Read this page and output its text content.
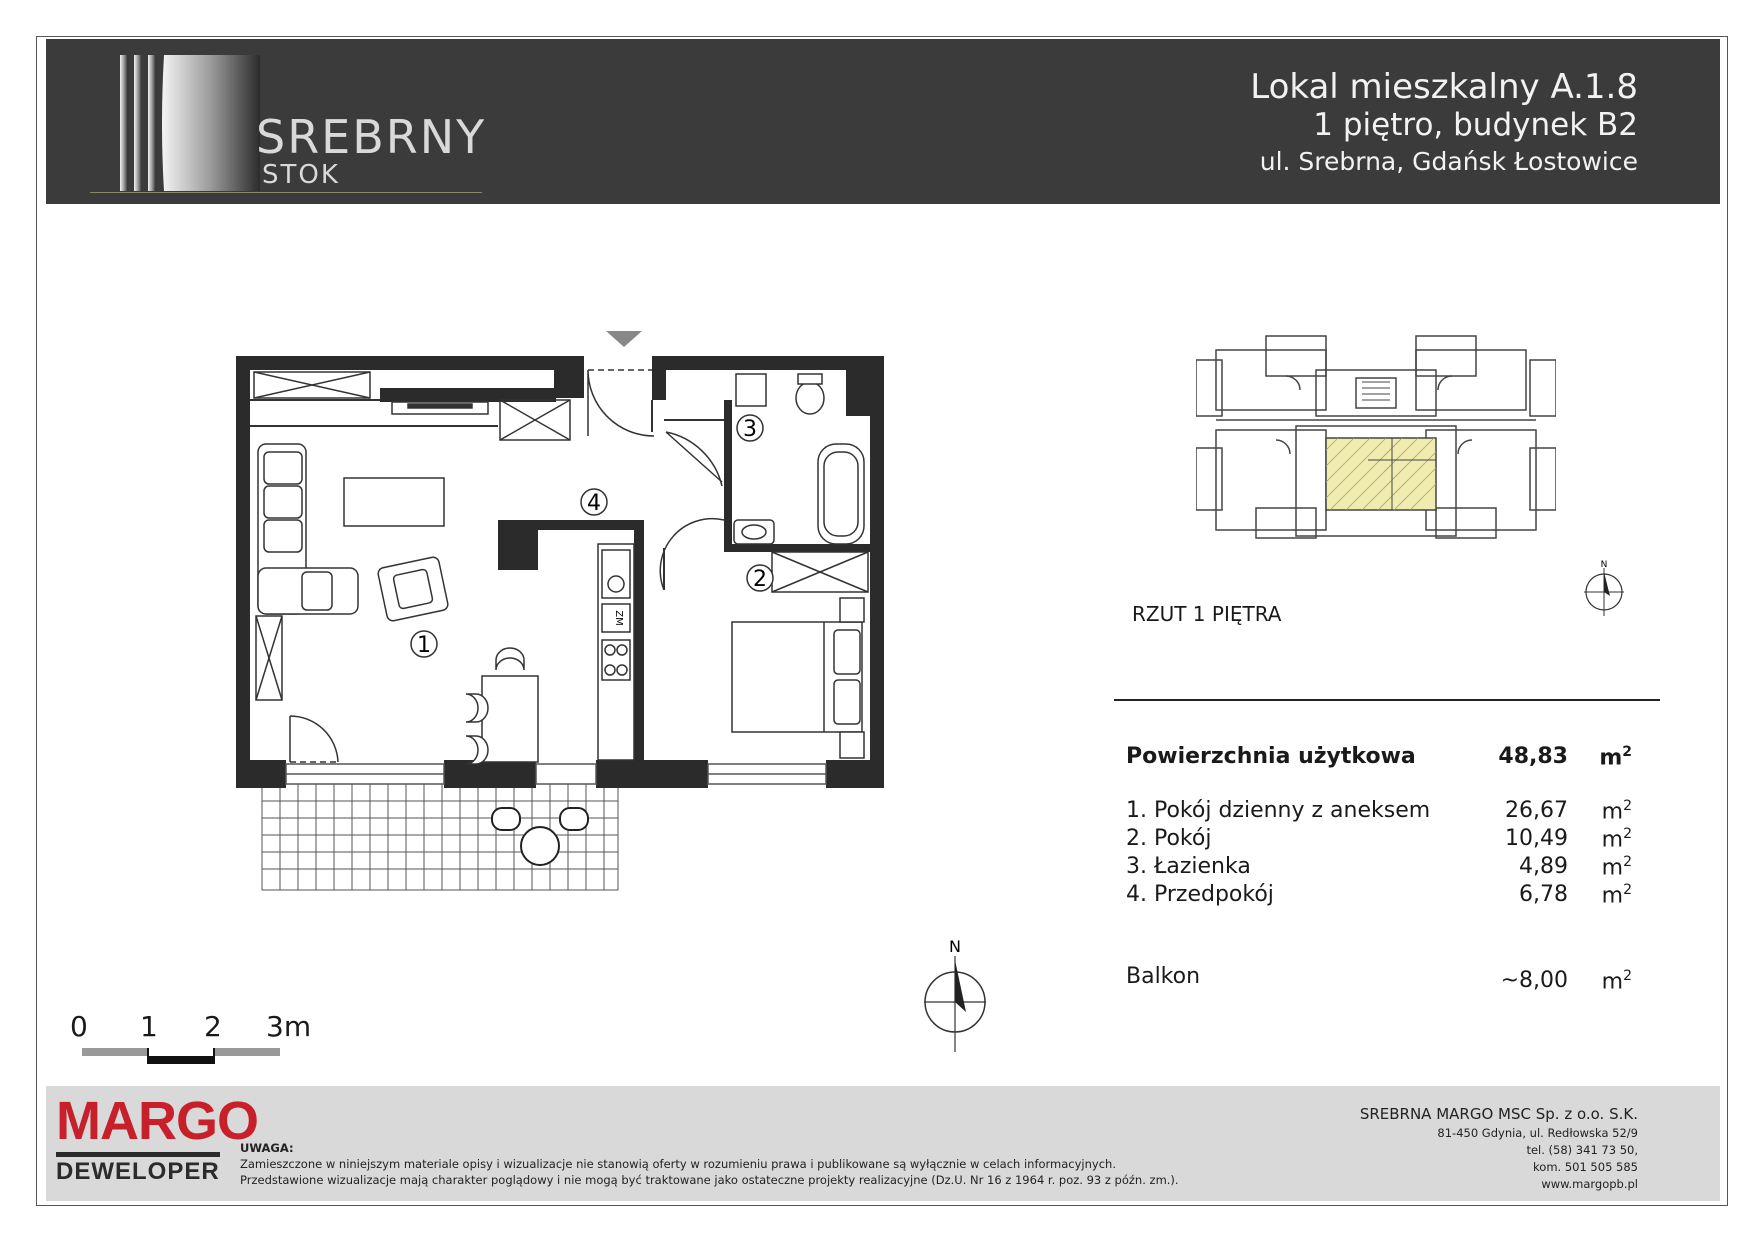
SREBRNY
STOK
Lokal mieszkalny A.1.8
1 piętro, budynek B2
ul. Srebrna, Gdańsk Łostowice
ZM
1
2
3
4
N
RZUT 1 PIĘTRA
Powierzchnia użytkowa	48,83 $m^2$
1. Pokój dzienny z aneksem	26,67 $m^2$
2. Pokój	10,49 $m^2$
3. Łazienka	4,89 $m^2$
4. Przedpokój	6,78 $m^2$
Balkon	~8,00 $m^2$
N
0 1 2 3m
MARGO
DEWELOPER
UWAGA:
Zamieszczone w niniejszym materiale opisy i wizualizacje nie stanowią oferty w rozumieniu prawa i publikowane są wyłącznie w celach informacyjnych.
Przedstawione wizualizacje mają charakter poglądowy i nie mogą być traktowane jako ostateczne projekty realizacyjne (Dz.U. Nr 16 z 1964 r. poz. 93 z późn. zm.).
SREBRNA MARGO MSC Sp. z o.o. S.K.
81-450 Gdynia, ul. Redłowska 52/9
tel. (58) 341 73 50,
kom. 501 505 585
www.margopb.pl
